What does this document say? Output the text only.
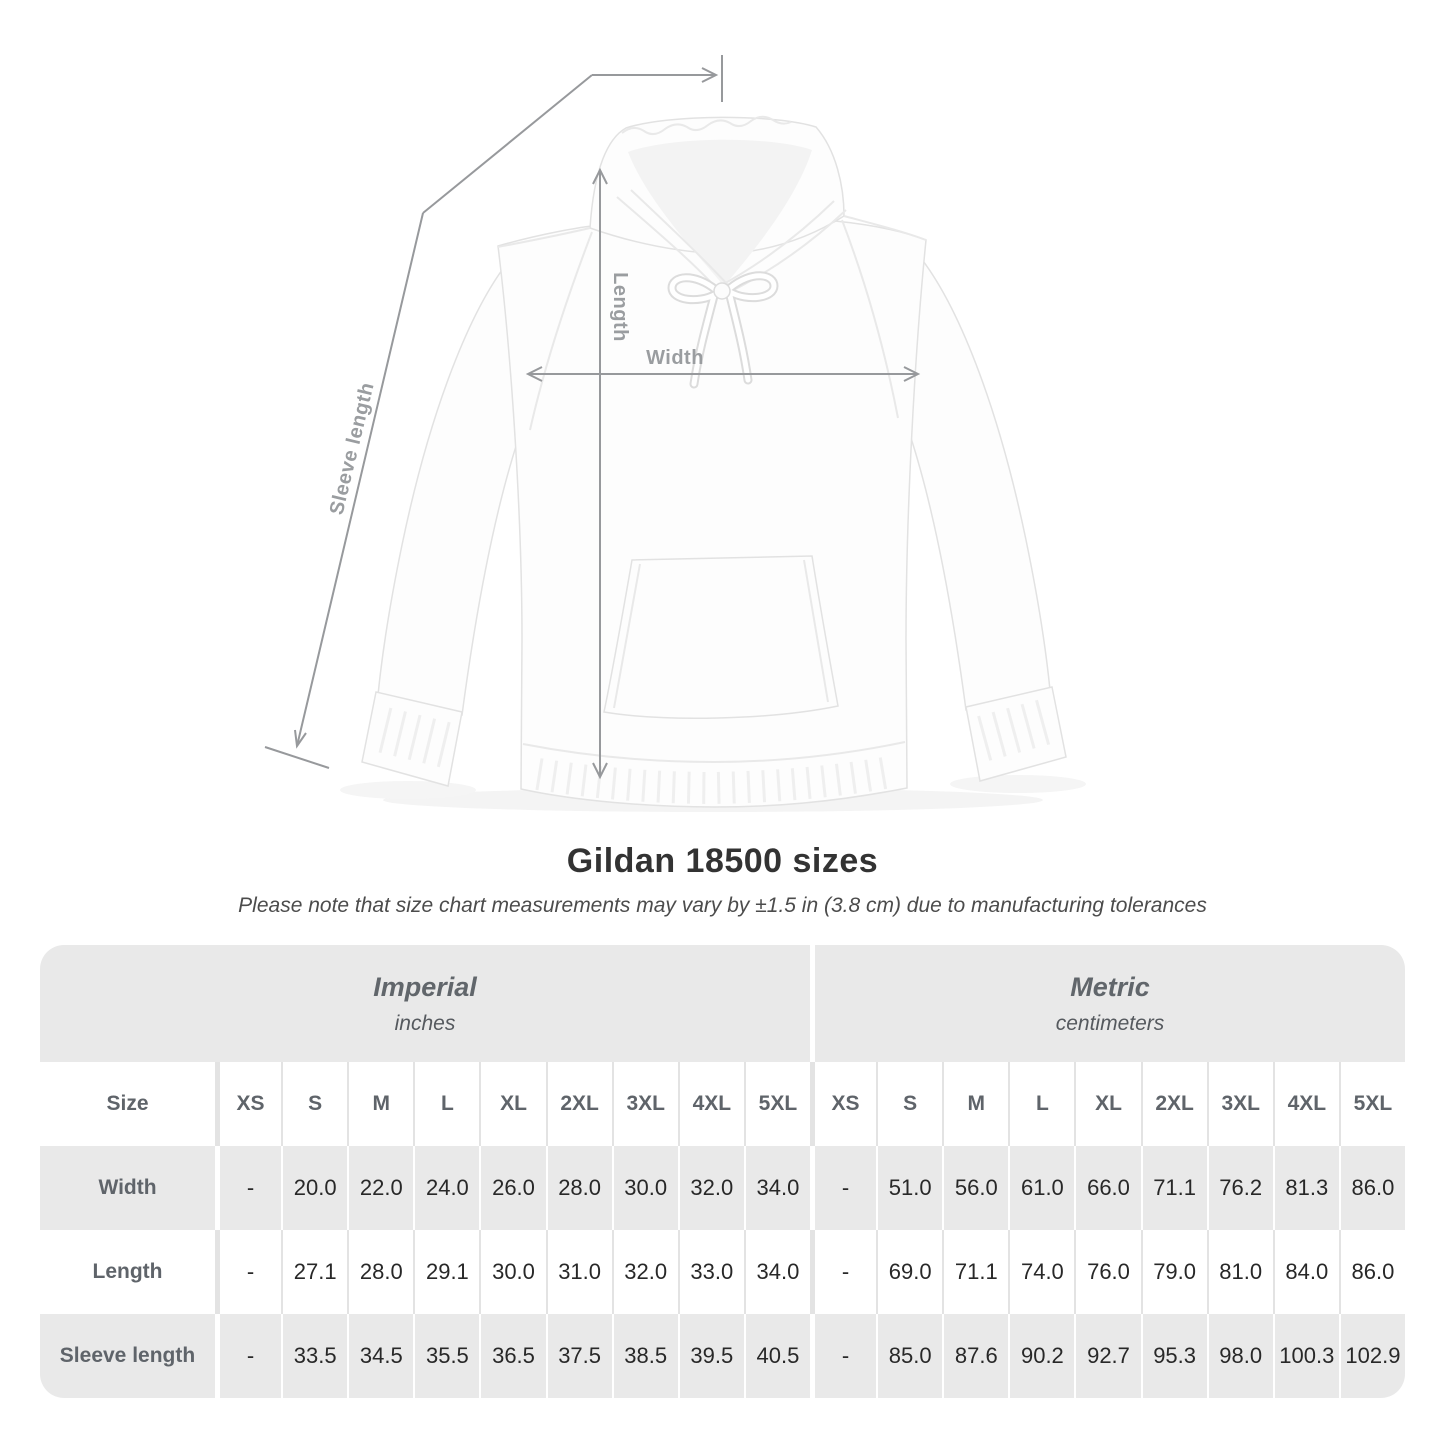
Width
Length
Sleeve length
Gildan 18500 sizes

Please note that size chart measurements may vary by ±1.5 in (3.8 cm) due to manufacturing tolerances

Imperial
inches
Metric
centimeters
Size	XS	S	M	L	XL	2XL	3XL	4XL	5XL	XS	S	M	L	XL	2XL	3XL	4XL	5XL
Width	-	20.0	22.0	24.0	26.0	28.0	30.0	32.0	34.0	-	51.0	56.0	61.0	66.0	71.1	76.2	81.3	86.0
Length	-	27.1	28.0	29.1	30.0	31.0	32.0	33.0	34.0	-	69.0	71.1	74.0	76.0	79.0	81.0	84.0	86.0
Sleeve length	-	33.5	34.5	35.5	36.5	37.5	38.5	39.5	40.5	-	85.0	87.6	90.2	92.7	95.3	98.0 100.3 102.9
